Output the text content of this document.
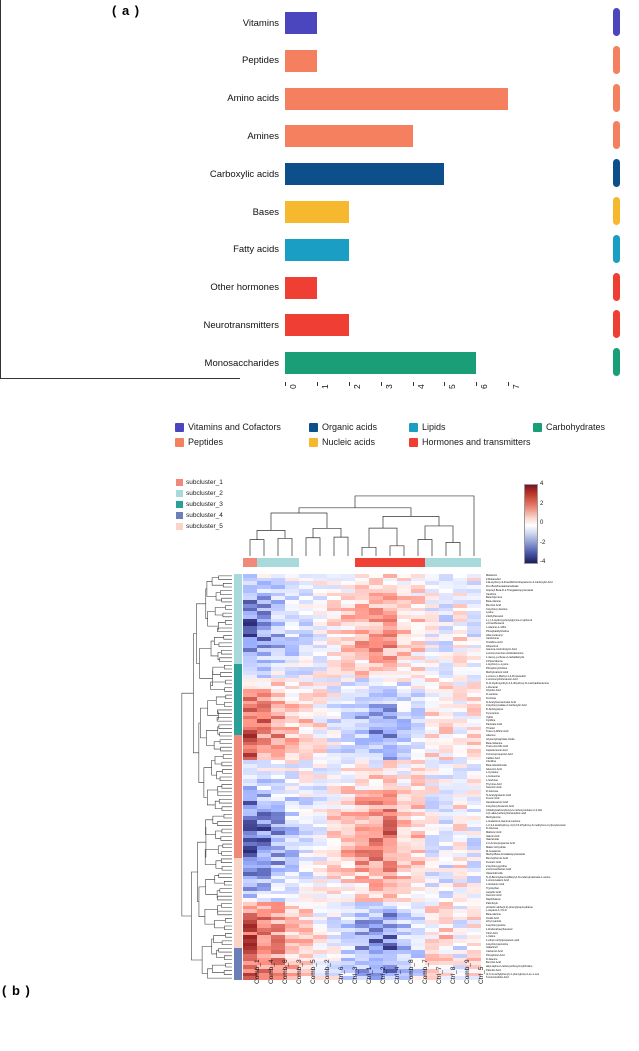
( a )
Vitamins
Peptides
Amino acids
Amines
Carboxylic acids
Bases
Fatty acids
Other hormones
Neurotransmitters
Monosaccharides
0	1	2	3	4	5	6	7
Vitamins and Cofactors	Organic acids	Lipids	Carbohydrates
Peptides	Nucleic acids	Hormones and transmitters
( b )
subcluster_1
subcluster_2
subcluster_3
subcluster_4
subcluster_5
4
2
0
-2
-4
Melatonin
2-Butanediol
13a-Hydroxy-9-threoldichloroheptanone-4-Carboxylic Acid
Di-n-Butylhexadecanedioate
Isoproyl Beta-D-1-Thiogalactopyranoside
Xanthine
Beta-Myrcene
Beta-Alanine
Benzoic Acid
3-Hydroxy-Sarcine
Lysine
2-Ethylhexanol
L-(-)-4-Hydroxyphenylglycine-2-ylphenol
4-Uracilhexanol
L-Alanine-1-4-Bis
Phosphatidylcholine
Alloc-Isoleucyl
Xanthosine
Orotidine-Acid
Allopurinol
Gamma-Aminobutyric Acid
4-Amino-benzoic-Acid/Alaminine
1-deoxy-p-ribose-2-carbaldehyde
2-Piperidinone
L-Hydroxy-L-Lysine
Phosphorylcholine
Methylmalonic Acid
L-Amino-1-Methyl-1-2-Propanediol
1-Aminocyclohexanoic Acid
N-(2-Hydroxyethyl)-2,3-dihydroxy-N-methylethanamine
L-Decanal
Glycolic Acid
D-Lactose
Fructose
N-Acetylneuraminate Acid
2-Hydroxymalate-2-Carboxylic Acid
D-Sphingosine
Kynurenine
Xylitol
Cytidine
Pantoate Acid
Threitol
Trans-3-Affinic Acid
Adenine
Glycerophosphate-Oxide
Beta-Solanine
Trans-Aconitic Acid
Aspartonemic Acid
3-Aminopropanoic Acid
Caffeic Acid
Citrulline
Beta-Glutethimide
Gluconic Acid
L-Cysteine
L-Isoleucine
L-Sorbose
Thymine Acid
Succinic Acid
D-Glucose
N-Acetylglutamic Acid
Fucoic Acid
Hexadecanoic Acid
2-Hydroxyhexanoic Acid
3-Methylcarboxybutyl-2-methoxyoxolane-2,4-diol
4-(1-alkoxyethoxy)butanedioic acid
Methylamine
L-Galactono-Gamma-Lactone
L-2,3,4-tetrahydroxy-4-(3,4,5-trihydroxy-6-methylnon-2-yl)oxyhexanal
D-Glucose
Maltonic Acid
Valeric Acid
Valeramide
2,3-Aminopropanoic Acid
Maleic Anhydride
M-Guaiacine
Methyl-Beta-D-Galactopyranoside
Benzoylformic Acid
Fumaric Acid
2-Hydroxypyridine
2-Aminoethanoic Acid
Oleamidomide
N-(2-Benzoylamino)Butyryl-N-undecylmalonate-1-amine
1-Aminovaleric Acid
L-Glutamic Acid
Tryptophan
Aspartic Acid
Succinic Acid
Naphthalene
Palmitoyls
prolactic alpha(1-2)-phenylpropoxylidene
L-Asparto-1,3,5-D
Beta-Alanine
Oxalic Acid
ethyl cyanide
4-Hydroxyproline
1-Dodecahexylhexanol
Citric Acid
L-Valine
1-ethyl-methylpropanoic acid
4-Hydroxyquinoline
Galactinol
Carbamic Acid
Phosphoric Acid
D-Alanine
Benzoic Acid
alkyl-alpha-2-carboxyethoxyvinyl/choline
Palmitic Acid
(2,3,4-methylphenyl)-1-phenylprop-2-en-1-one
5-Aminoindolic Acid
Comb_1 Comb_4 Comb_6 Comb_3 Comb_5 Comb_2 Ctrl_6 Ctrl_3 Ctrl_1 Ctrl_2 Ctrl_4 Comb_8 Comb_7 Ctrl_7 Ctrl_8 Comb_9 Ctrl_5
